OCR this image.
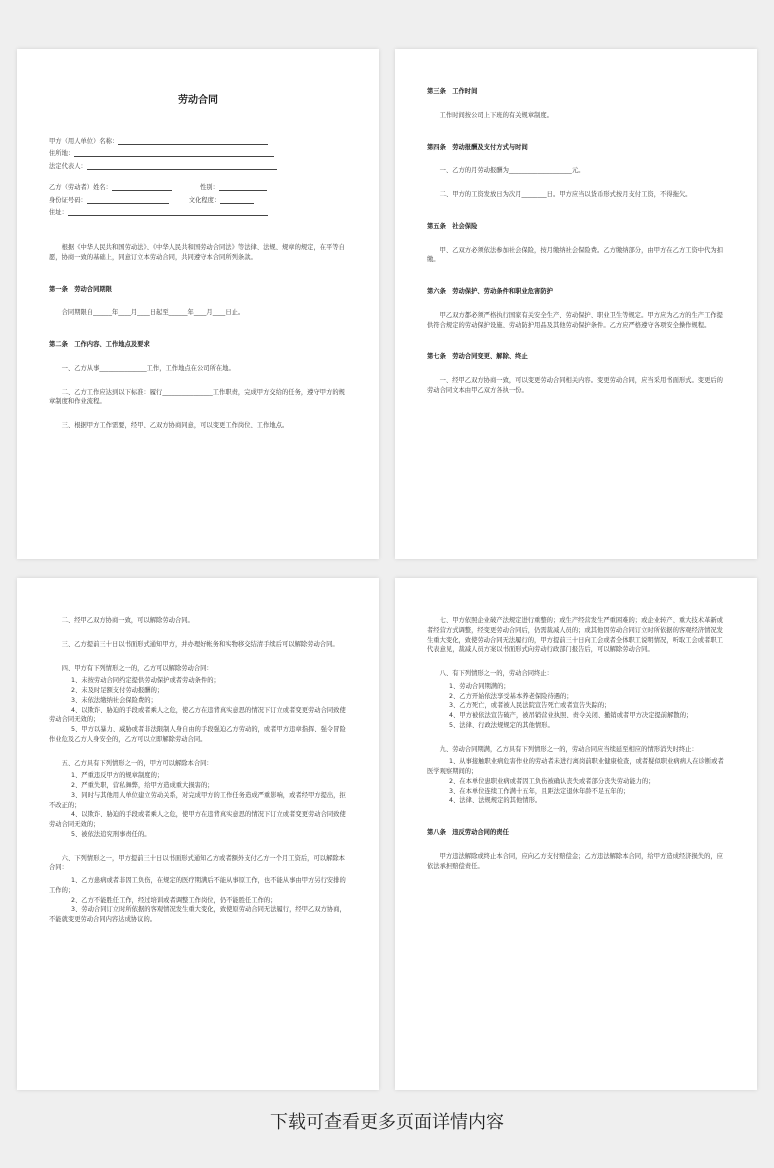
劳动合同
甲方（用人单位）名称：
住所地：
法定代表人：
乙方（劳动者）姓名：	性别：
身份证号码：	文化程度：
住址：

根据《中华人民共和国劳动法》、《中华人民共和国劳动合同法》等法律、法规、规章的规定，在平等自愿，协商一致的基础上，同意订立本劳动合同，共同遵守本合同所列条款。

第一条　劳动合同期限

合同期限自______年____月____日起至______年____月____日止。

第二条　工作内容、工作地点及要求

一、乙方从事_______________工作，工作地点在公司所在地。

二、乙方工作应达到以下标准：履行________________工作职责，完成甲方交给的任务，遵守甲方的规章制度和作业流程。

三、根据甲方工作需要，经甲、乙双方协商同意，可以变更工作岗位、工作地点。

第三条　工作时间

工作时间按公司上下班的有关规章制度。

第四条　劳动报酬及支付方式与时间

一、乙方的月劳动报酬为____________________元。

二、甲方的工资发放日为次月________日。甲方应当以货币形式按月支付工资，不得拖欠。

第五条　社会保险

甲、乙双方必须依法参加社会保险，按月缴纳社会保险费。乙方缴纳部分，由甲方在乙方工资中代为扣缴。

第六条　劳动保护、劳动条件和职业危害防护

甲乙双方都必须严格执行国家有关安全生产、劳动保护、职业卫生等规定。甲方应为乙方的生产工作提供符合规定的劳动保护设施、劳动防护用品及其他劳动保护条件。乙方应严格遵守各项安全操作规程。

第七条　劳动合同变更、解除、终止

一、经甲乙双方协商一致，可以变更劳动合同相关内容。变更劳动合同，应当采用书面形式。变更后的劳动合同文本由甲乙双方各执一份。

二、经甲乙双方协商一致，可以解除劳动合同。

三、乙方提前三十日以书面形式通知甲方，并办理好帐务和实物移交结清手续后可以解除劳动合同。

四、甲方有下列情形之一的，乙方可以解除劳动合同：

1、未按劳动合同约定提供劳动保护或者劳动条件的；

2、未及时足额支付劳动报酬的；

3、未依法缴纳社会保险费的；

4、以欺诈、胁迫的手段或者乘人之危，使乙方在违背真实意思的情况下订立或者变更劳动合同致使劳动合同无效的；

5、甲方以暴力、威胁或者非法限制人身自由的手段强迫乙方劳动的，或者甲方违章指挥、强令冒险作业危及乙方人身安全的，乙方可以立即解除劳动合同。

五、乙方具有下列情形之一的，甲方可以解除本合同：

1、严重违反甲方的规章制度的；

2、严重失职，营私舞弊，给甲方造成重大损害的；

3、同时与其他用人单位建立劳动关系，对完成甲方的工作任务造成严重影响，或者经甲方提出，拒不改正的；

4、以欺诈、胁迫的手段或者乘人之危，使甲方在违背真实意思的情况下订立或者变更劳动合同致使劳动合同无效的；

5、被依法追究刑事责任的。

六、下列情形之一，甲方提前三十日以书面形式通知乙方或者额外支付乙方一个月工资后，可以解除本合同：

1、乙方患病或者非因工负伤，在规定的医疗期满后不能从事原工作，也不能从事由甲方另行安排的工作的；

2、乙方不能胜任工作，经过培训或者调整工作岗位，仍不能胜任工作的；

3、劳动合同订立时所依据的客观情况发生重大变化，致使原劳动合同无法履行，经甲乙双方协商，不能就变更劳动合同内容达成协议的。

七、甲方依照企业破产法规定进行重整的；或生产经营发生严重困难的；或企业转产、重大技术革新或者经营方式调整，经变更劳动合同后，仍需裁减人员的；或其他因劳动合同订立时所依据的客观经济情况发生重大变化，致使劳动合同无法履行的，甲方提前三十日向工会或者全体职工说明情况，听取工会或者职工代表意见，裁减人员方案以书面形式向劳动行政部门报告后，可以解除劳动合同。

八、有下列情形之一的，劳动合同终止：

1、劳动合同期满的；

2、乙方开始依法享受基本养老保险待遇的；

3、乙方死亡，或者被人民法院宣告死亡或者宣告失踪的；

4、甲方被依法宣告破产，被吊销营业执照、责令关闭、撤销或者甲方决定提前解散的；

5、法律、行政法规规定的其他情形。

九、劳动合同期满，乙方具有下列情形之一的，劳动合同应当续延至相应的情形消失时终止：

1、从事接触职业病危害作业的劳动者未进行离岗前职业健康检查，或者疑似职业病病人在诊断或者医学观察期间的；

2、在本单位患职业病或者因工负伤被确认丧失或者部分丧失劳动能力的；

3、在本单位连续工作满十五年，且距法定退休年龄不足五年的；

4、法律、法规规定的其他情形。

第八条　违反劳动合同的责任

甲方违法解除或终止本合同，应向乙方支付赔偿金；乙方违法解除本合同，给甲方造成经济损失的，应依法承担赔偿责任。

下载可查看更多页面详情内容
